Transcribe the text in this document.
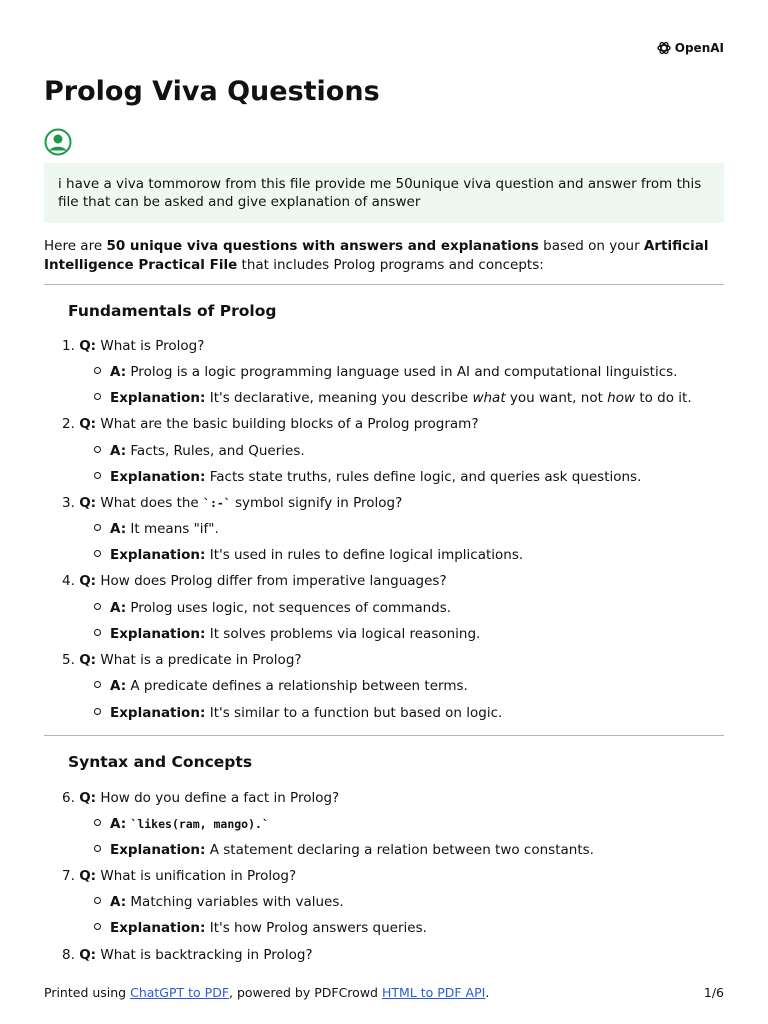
OpenAI
Prolog Viva Questions
i have a viva tommorow from this file provide me 50unique viva question and answer from this file that can be asked and give explanation of answer

Here are 50 unique viva questions with answers and explanations based on your Artificial Intelligence Practical File that includes Prolog programs and concepts:

Fundamentals of Prolog
1. Q: What is Prolog?
A: Prolog is a logic programming language used in AI and computational linguistics.
Explanation: It's declarative, meaning you describe what you want, not how to do it.
2. Q: What are the basic building blocks of a Prolog program?
A: Facts, Rules, and Queries.
Explanation: Facts state truths, rules define logic, and queries ask questions.
3. Q: What does the `:-` symbol signify in Prolog?
A: It means "if".
Explanation: It's used in rules to define logical implications.
4. Q: How does Prolog differ from imperative languages?
A: Prolog uses logic, not sequences of commands.
Explanation: It solves problems via logical reasoning.
5. Q: What is a predicate in Prolog?
A: A predicate defines a relationship between terms.
Explanation: It's similar to a function but based on logic.
Syntax and Concepts
6. Q: How do you define a fact in Prolog?
A: `likes(ram, mango).`
Explanation: A statement declaring a relation between two constants.
7. Q: What is unification in Prolog?
A: Matching variables with values.
Explanation: It's how Prolog answers queries.
8. Q: What is backtracking in Prolog?
Printed using ChatGPT to PDF, powered by PDFCrowd HTML to PDF API.	1/6
